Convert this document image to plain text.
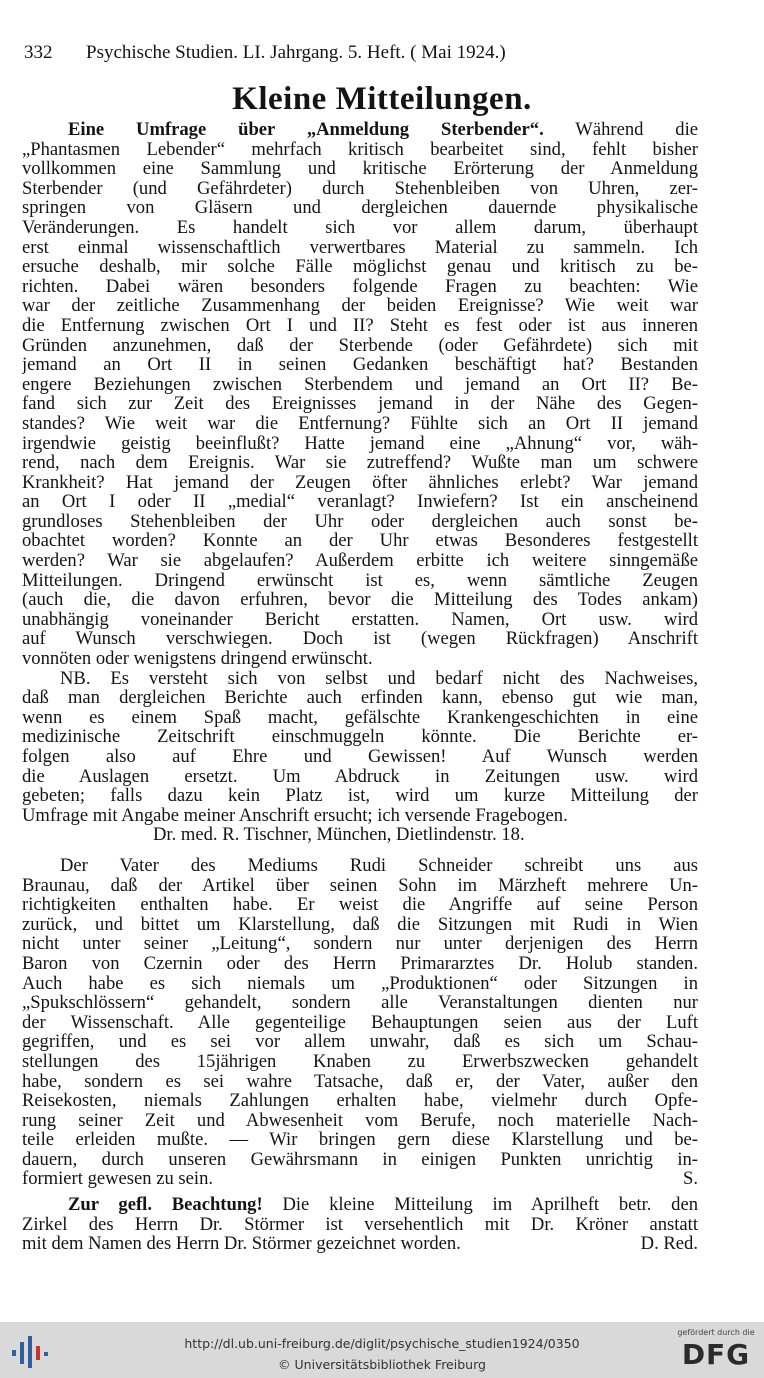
332 Psychische Studien. LI. Jahrgang. 5. Heft. ( Mai 1924.)
Kleine Mitteilungen.
Eine Umfrage über „Anmeldung Sterbender“. Während die
„Phantasmen Lebender“ mehrfach kritisch bearbeitet sind, fehlt bisher
vollkommen eine Sammlung und kritische Erörterung der Anmeldung
Sterbender (und Gefährdeter) durch Stehenbleiben von Uhren, zer-
springen von Gläsern und dergleichen dauernde physikalische
Veränderungen. Es handelt sich vor allem darum, überhaupt
erst einmal wissenschaftlich verwertbares Material zu sammeln. Ich
ersuche deshalb, mir solche Fälle möglichst genau und kritisch zu be-
richten. Dabei wären besonders folgende Fragen zu beachten: Wie
war der zeitliche Zusammenhang der beiden Ereignisse? Wie weit war
die Entfernung zwischen Ort I und II? Steht es fest oder ist aus inneren
Gründen anzunehmen, daß der Sterbende (oder Gefährdete) sich mit
jemand an Ort II in seinen Gedanken beschäftigt hat? Bestanden
engere Beziehungen zwischen Sterbendem und jemand an Ort II? Be-
fand sich zur Zeit des Ereignisses jemand in der Nähe des Gegen-
standes? Wie weit war die Entfernung? Fühlte sich an Ort II jemand
irgendwie geistig beeinflußt? Hatte jemand eine „Ahnung“ vor, wäh-
rend, nach dem Ereignis. War sie zutreffend? Wußte man um schwere
Krankheit? Hat jemand der Zeugen öfter ähnliches erlebt? War jemand
an Ort I oder II „medial“ veranlagt? Inwiefern? Ist ein anscheinend
grundloses Stehenbleiben der Uhr oder dergleichen auch sonst be-
obachtet worden? Konnte an der Uhr etwas Besonderes festgestellt
werden? War sie abgelaufen? Außerdem erbitte ich weitere sinngemäße
Mitteilungen. Dringend erwünscht ist es, wenn sämtliche Zeugen
(auch die, die davon erfuhren, bevor die Mitteilung des Todes ankam)
unabhängig voneinander Bericht erstatten. Namen, Ort usw. wird
auf Wunsch verschwiegen. Doch ist (wegen Rückfragen) Anschrift
vonnöten oder wenigstens dringend erwünscht.
NB. Es versteht sich von selbst und bedarf nicht des Nachweises,
daß man dergleichen Berichte auch erfinden kann, ebenso gut wie man,
wenn es einem Spaß macht, gefälschte Krankengeschichten in eine
medizinische Zeitschrift einschmuggeln könnte. Die Berichte er-
folgen also auf Ehre und Gewissen! Auf Wunsch werden
die Auslagen ersetzt. Um Abdruck in Zeitungen usw. wird
gebeten; falls dazu kein Platz ist, wird um kurze Mitteilung der
Umfrage mit Angabe meiner Anschrift ersucht; ich versende Fragebogen.
Dr. med. R. Tischner, München, Dietlindenstr. 18.
Der Vater des Mediums Rudi Schneider schreibt uns aus
Braunau, daß der Artikel über seinen Sohn im Märzheft mehrere Un-
richtigkeiten enthalten habe. Er weist die Angriffe auf seine Person
zurück, und bittet um Klarstellung, daß die Sitzungen mit Rudi in Wien
nicht unter seiner „Leitung“, sondern nur unter derjenigen des Herrn
Baron von Czernin oder des Herrn Primararztes Dr. Holub standen.
Auch habe es sich niemals um „Produktionen“ oder Sitzungen in
„Spukschlössern“ gehandelt, sondern alle Veranstaltungen dienten nur
der Wissenschaft. Alle gegenteilige Behauptungen seien aus der Luft
gegriffen, und es sei vor allem unwahr, daß es sich um Schau-
stellungen des 15jährigen Knaben zu Erwerbszwecken gehandelt
habe, sondern es sei wahre Tatsache, daß er, der Vater, außer den
Reisekosten, niemals Zahlungen erhalten habe, vielmehr durch Opfe-
rung seiner Zeit und Abwesenheit vom Berufe, noch materielle Nach-
teile erleiden mußte. — Wir bringen gern diese Klarstellung und be-
dauern, durch unseren Gewährsmann in einigen Punkten unrichtig in-
formiert gewesen zu sein.	S.
Zur gefl. Beachtung! Die kleine Mitteilung im Aprilheft betr. den
Zirkel des Herrn Dr. Störmer ist versehentlich mit Dr. Kröner anstatt
mit dem Namen des Herrn Dr. Störmer gezeichnet worden.	D. Red.
http://dl.ub.uni-freiburg.de/diglit/psychische_studien1924/0350
© Universitätsbibliothek Freiburg
gefördert durch die
DFG
